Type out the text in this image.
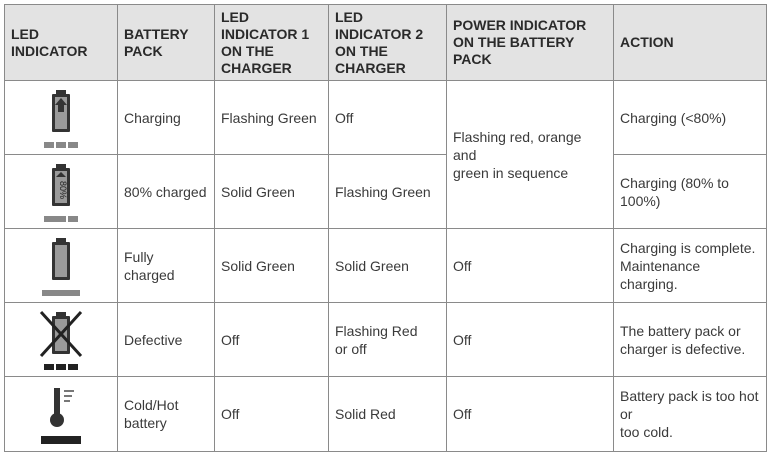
LED INDICATOR	BATTERY PACK	LED INDICATOR 1 ON THE CHARGER	LED INDICATOR 2 ON THE CHARGER	POWER INDICATOR ON THE BATTERY PACK	ACTION

	Charging	Flashing Green	Off	Flashing red, orange and
green in sequence	Charging (<80%)

80%	80% charged	Solid Green	Flashing Green		Charging (80% to 100%)

	Fully charged	Solid Green	Solid Green	Off	Charging is complete.
Maintenance charging.

	Defective	Off	Flashing Red
or off	Off	The battery pack or
charger is defective.

	Cold/Hot
battery	Off	Solid Red	Off	Battery pack is too hot or
too cold.
